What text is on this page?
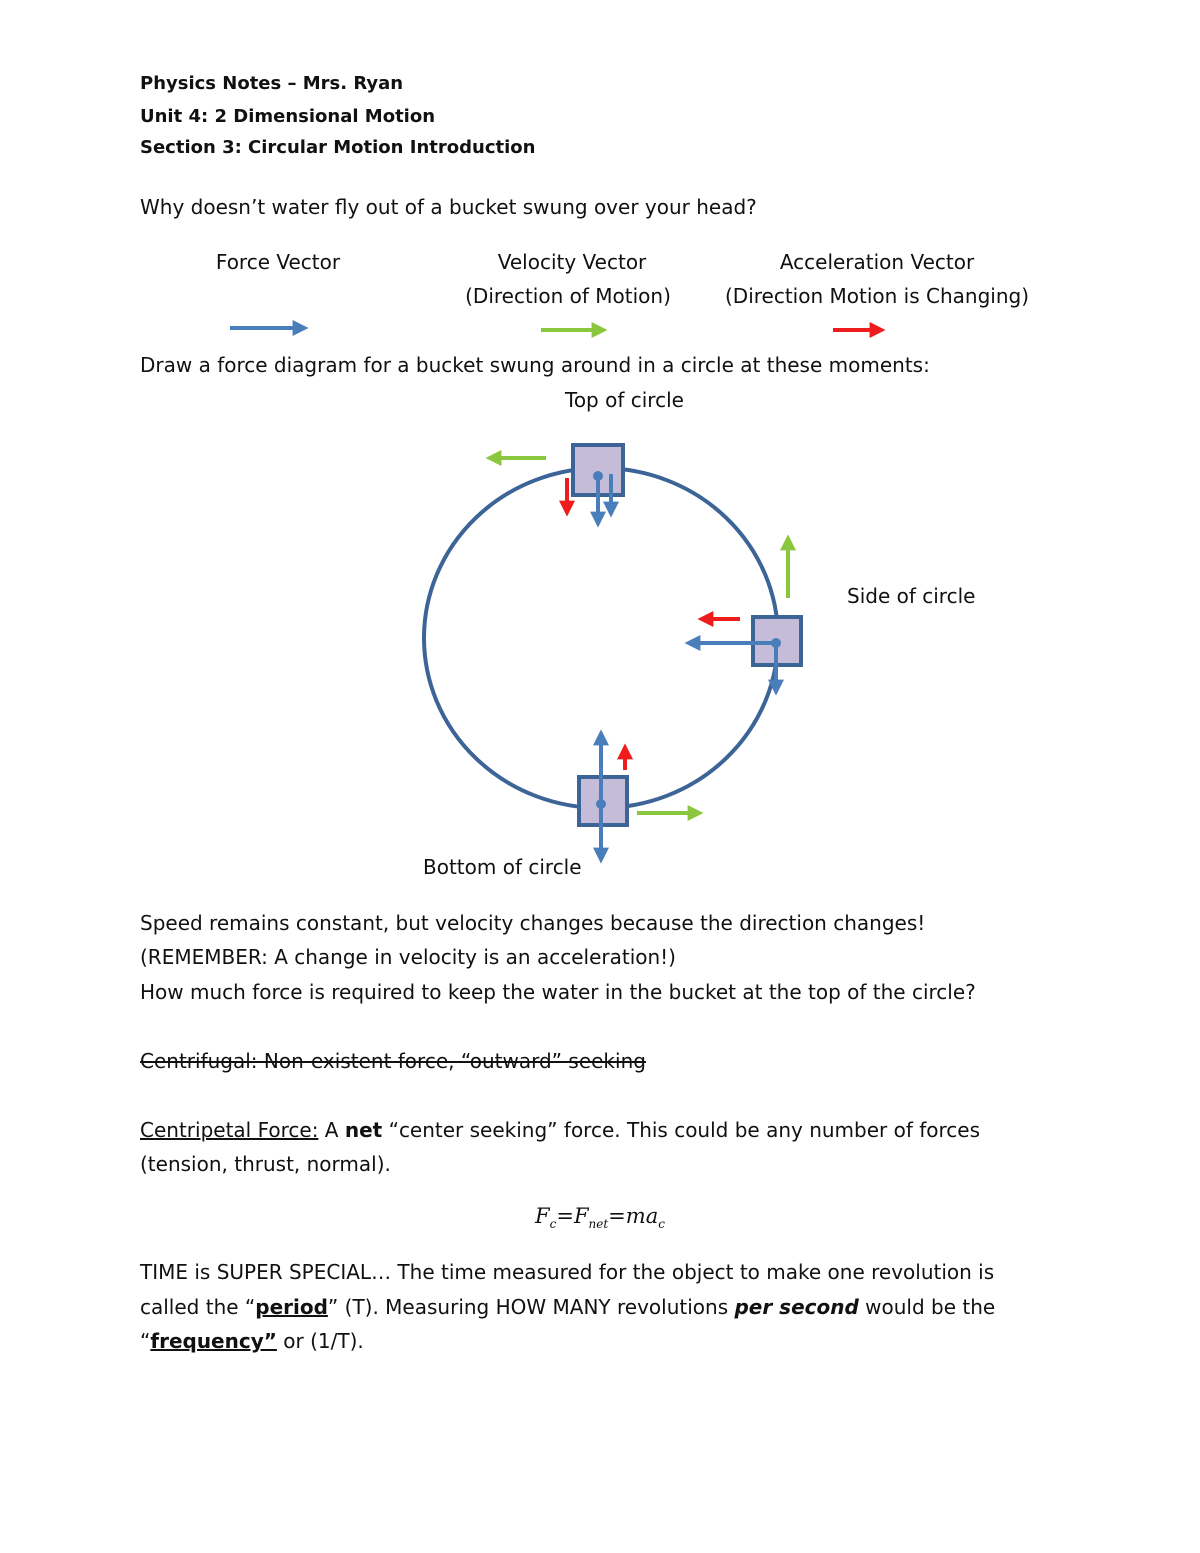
Physics Notes – Mrs. Ryan
Unit 4: 2 Dimensional Motion
Section 3: Circular Motion Introduction
Why doesn’t water fly out of a bucket swung over your head?
Force Vector	Velocity Vector
(Direction of Motion)
Acceleration Vector
(Direction Motion is Changing)
Draw a force diagram for a bucket swung around in a circle at these moments:
Top of circle
Side of circle
Bottom of circle
Speed remains constant, but velocity changes because the direction changes!
(REMEMBER: A change in velocity is an acceleration!)
How much force is required to keep the water in the bucket at the top of the circle?
Centrifugal: Non-existent force, “outward” seeking
Centripetal Force: A net “center seeking” force. This could be any number of forces
(tension, thrust, normal).
$F_c=F_{net}=ma_c$
TIME is SUPER SPECIAL… The time measured for the object to make one revolution is
called the “period” (T). Measuring HOW MANY revolutions per second would be the
“frequency” or (1/T).
